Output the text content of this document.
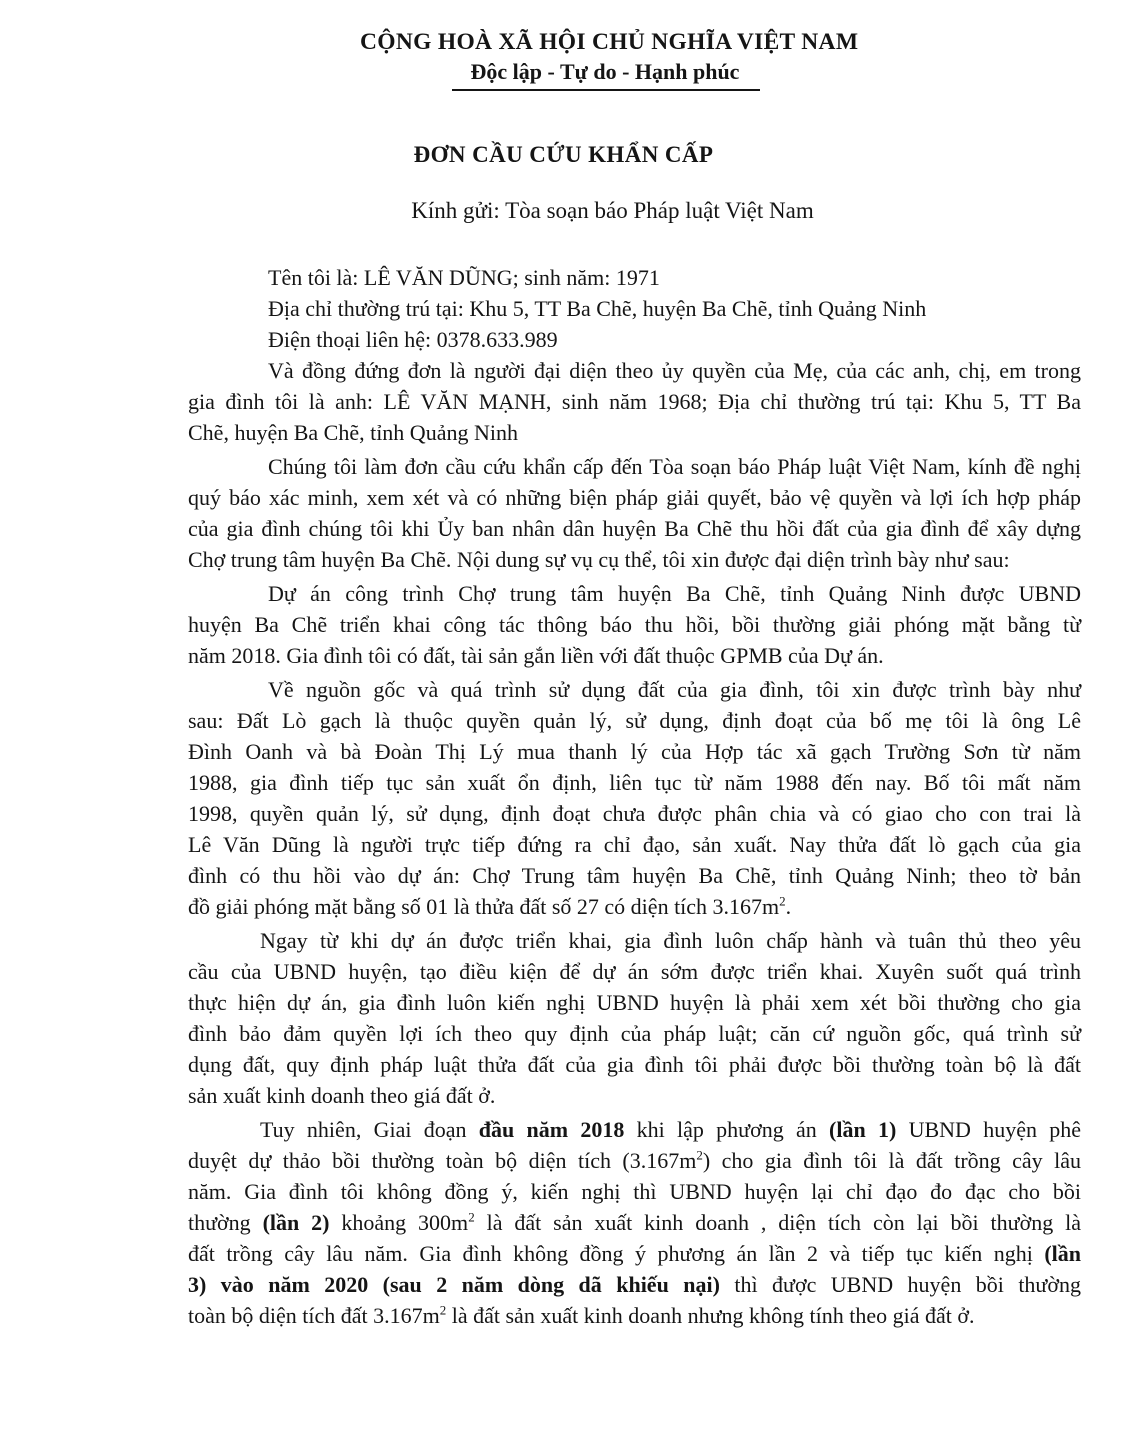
CỘNG HOÀ XÃ HỘI CHỦ NGHĨA VIỆT NAM
Độc lập - Tự do - Hạnh phúc
ĐƠN CẦU CỨU KHẨN CẤP
Kính gửi: Tòa soạn báo Pháp luật Việt Nam
Tên tôi là: LÊ VĂN DŨNG; sinh năm: 1971
Địa chỉ thường trú tại: Khu 5, TT Ba Chẽ, huyện Ba Chẽ, tỉnh Quảng Ninh
Điện thoại liên hệ: 0378.633.989
Và đồng đứng đơn là người đại diện theo ủy quyền của Mẹ, của các anh, chị, em trong
gia đình tôi là anh: LÊ VĂN MẠNH, sinh năm 1968; Địa chỉ thường trú tại: Khu 5, TT Ba
Chẽ, huyện Ba Chẽ, tỉnh Quảng Ninh
Chúng tôi làm đơn cầu cứu khẩn cấp đến Tòa soạn báo Pháp luật Việt Nam, kính đề nghị
quý báo xác minh, xem xét và có những biện pháp giải quyết, bảo vệ quyền và lợi ích hợp pháp
của gia đình chúng tôi khi Ủy ban nhân dân huyện Ba Chẽ thu hồi đất của gia đình để xây dựng
Chợ trung tâm huyện Ba Chẽ. Nội dung sự vụ cụ thể, tôi xin được đại diện trình bày như sau:
Dự án công trình Chợ trung tâm huyện Ba Chẽ, tỉnh Quảng Ninh được UBND
huyện Ba Chẽ triển khai công tác thông báo thu hồi, bồi thường giải phóng mặt bằng từ
năm 2018. Gia đình tôi có đất, tài sản gắn liền với đất thuộc GPMB của Dự án.
Về nguồn gốc và quá trình sử dụng đất của gia đình, tôi xin được trình bày như
sau: Đất Lò gạch là thuộc quyền quản lý, sử dụng, định đoạt của bố mẹ tôi là ông Lê
Đình Oanh và bà Đoàn Thị Lý mua thanh lý của Hợp tác xã gạch Trường Sơn từ năm
1988, gia đình tiếp tục sản xuất ổn định, liên tục từ năm 1988 đến nay. Bố tôi mất năm
1998, quyền quản lý, sử dụng, định đoạt chưa được phân chia và có giao cho con trai là
Lê Văn Dũng là người trực tiếp đứng ra chỉ đạo, sản xuất. Nay thửa đất lò gạch của gia
đình có thu hồi vào dự án: Chợ Trung tâm huyện Ba Chẽ, tỉnh Quảng Ninh; theo tờ bản
đồ giải phóng mặt bằng số 01 là thửa đất số 27 có diện tích $3.167m^2$.
Ngay từ khi dự án được triển khai, gia đình luôn chấp hành và tuân thủ theo yêu
cầu của UBND huyện, tạo điều kiện để dự án sớm được triển khai. Xuyên suốt quá trình
thực hiện dự án, gia đình luôn kiến nghị UBND huyện là phải xem xét bồi thường cho gia
đình bảo đảm quyền lợi ích theo quy định của pháp luật; căn cứ nguồn gốc, quá trình sử
dụng đất, quy định pháp luật thửa đất của gia đình tôi phải được bồi thường toàn bộ là đất
sản xuất kinh doanh theo giá đất ở.
Tuy nhiên, Giai đoạn đầu năm 2018 khi lập phương án (lần 1) UBND huyện phê
duyệt dự thảo bồi thường toàn bộ diện tích $(3.167m^2)$ cho gia đình tôi là đất trồng cây lâu
năm. Gia đình tôi không đồng ý, kiến nghị thì UBND huyện lại chỉ đạo đo đạc cho bồi
thường (lần 2) khoảng $300m^2$ là đất sản xuất kinh doanh , diện tích còn lại bồi thường là
đất trồng cây lâu năm. Gia đình không đồng ý phương án lần 2 và tiếp tục kiến nghị (lần
3) vào năm 2020 (sau 2 năm dòng dã khiếu nại) thì được UBND huyện bồi thường
toàn bộ diện tích đất $3.167m^2$ là đất sản xuất kinh doanh nhưng không tính theo giá đất ở.
